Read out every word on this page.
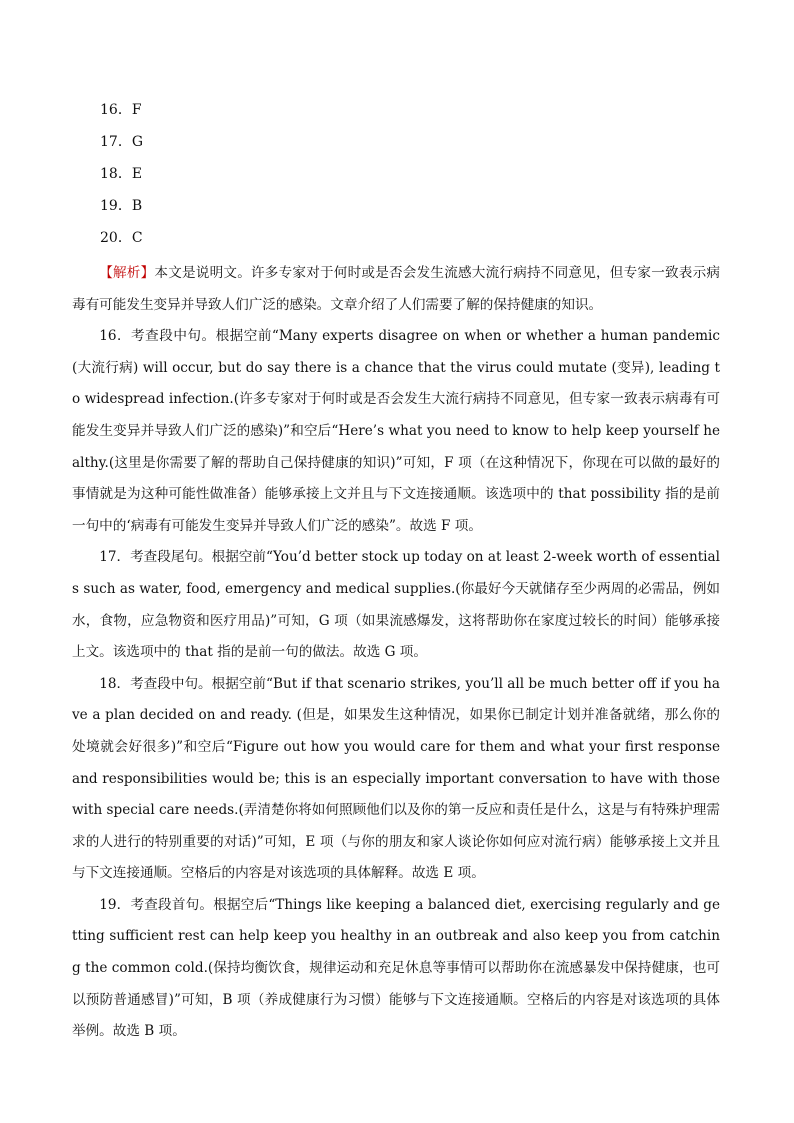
16．F
17．G
18．E
19．B
20．C

【解析】本文是说明文。许多专家对于何时或是否会发生流感大流行病持不同意见，但专家一致表示病毒有可能发生变异并导致人们广泛的感染。文章介绍了人们需要了解的保持健康的知识。

16．考查段中句。根据空前“Many experts disagree on when or whether a human pandemic (大流行病) will occur, but do say there is a chance that the virus could mutate (变异), leading to widespread infection.(许多专家对于何时或是否会发生大流行病持不同意见，但专家一致表示病毒有可能发生变异并导致人们广泛的感染)”和空后“Here’s what you need to know to help keep yourself healthy.(这里是你需要了解的帮助自己保持健康的知识)”可知，F 项（在这种情况下，你现在可以做的最好的事情就是为这种可能性做准备）能够承接上文并且与下文连接通顺。该选项中的 that possibility 指的是前一句中的‘病毒有可能发生变异并导致人们广泛的感染”。故选 F 项。

17．考查段尾句。根据空前“You’d better stock up today on at least 2-week worth of essentials such as water, food, emergency and medical supplies.(你最好今天就储存至少两周的必需品，例如水，食物，应急物资和医疗用品)”可知，G 项（如果流感爆发，这将帮助你在家度过较长的时间）能够承接上文。该选项中的 that 指的是前一句的做法。故选 G 项。

18．考查段中句。根据空前“But if that scenario strikes, you’ll all be much better off if you have a plan decided on and ready. (但是，如果发生这种情况，如果你已制定计划并准备就绪，那么你的处境就会好很多)”和空后“Figure out how you would care for them and what your first response and responsibilities would be; this is an especially important conversation to have with those with special care needs.(弄清楚你将如何照顾他们以及你的第一反应和责任是什么，这是与有特殊护理需求的人进行的特别重要的对话)”可知，E 项（与你的朋友和家人谈论你如何应对流行病）能够承接上文并且与下文连接通顺。空格后的内容是对该选项的具体解释。故选 E 项。

19．考查段首句。根据空后“Things like keeping a balanced diet, exercising regularly and getting sufficient rest can help keep you healthy in an outbreak and also keep you from catching the common cold.(保持均衡饮食，规律运动和充足休息等事情可以帮助你在流感暴发中保持健康，也可以预防普通感冒)”可知，B 项（养成健康行为习惯）能够与下文连接通顺。空格后的内容是对该选项的具体举例。故选 B 项。
